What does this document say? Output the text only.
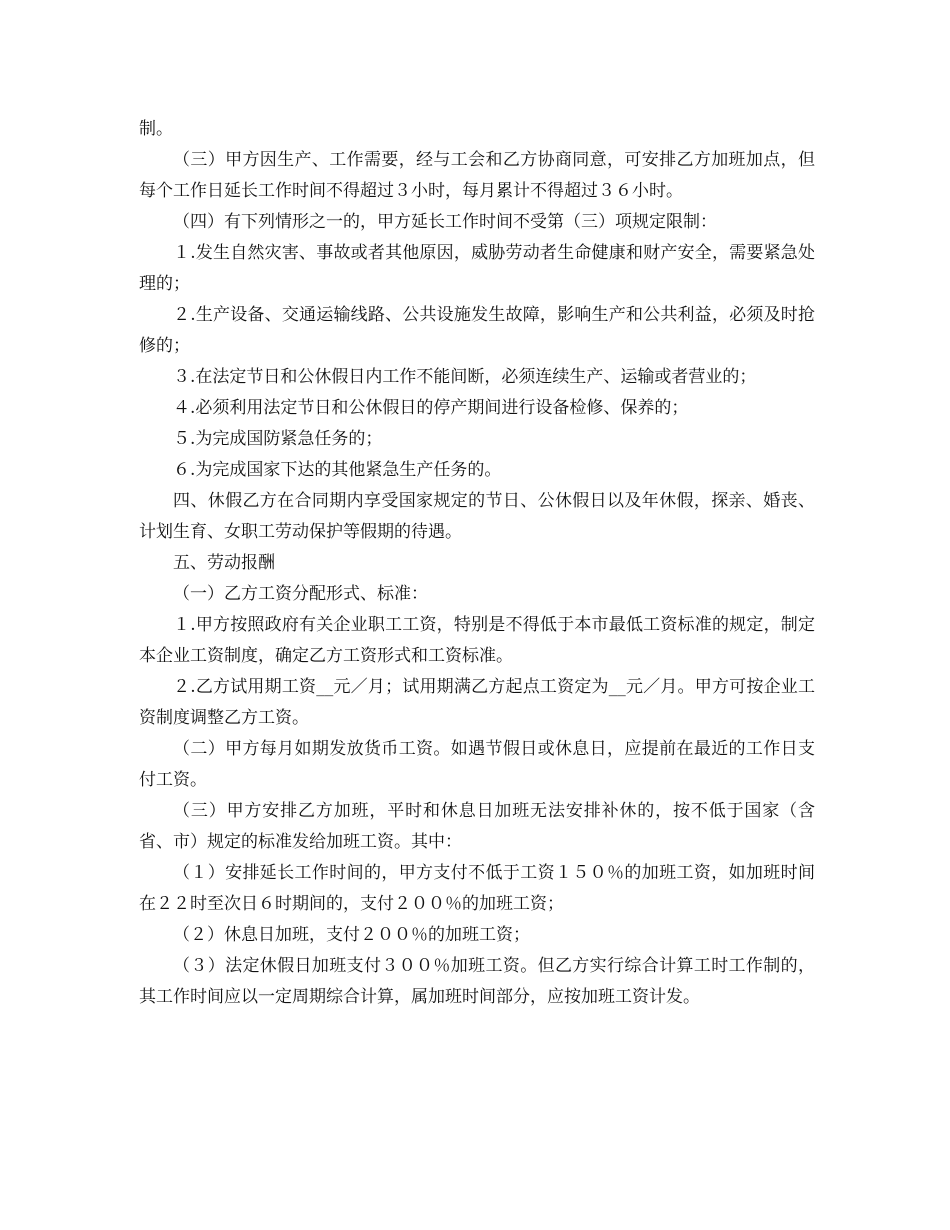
制。

（三）甲方因生产、工作需要，经与工会和乙方协商同意，可安排乙方加班加点，但每个工作日延长工作时间不得超过３小时，每月累计不得超过３６小时。

（四）有下列情形之一的，甲方延长工作时间不受第（三）项规定限制：

１.发生自然灾害、事故或者其他原因，威胁劳动者生命健康和财产安全，需要紧急处理的；

２.生产设备、交通运输线路、公共设施发生故障，影响生产和公共利益，必须及时抢修的；

３.在法定节日和公休假日内工作不能间断，必须连续生产、运输或者营业的；

４.必须利用法定节日和公休假日的停产期间进行设备检修、保养的；

５.为完成国防紧急任务的；

６.为完成国家下达的其他紧急生产任务的。

四、休假乙方在合同期内享受国家规定的节日、公休假日以及年休假，探亲、婚丧、计划生育、女职工劳动保护等假期的待遇。

五、劳动报酬

（一）乙方工资分配形式、标准：

１.甲方按照政府有关企业职工工资，特别是不得低于本市最低工资标准的规定，制定本企业工资制度，确定乙方工资形式和工资标准。

２.乙方试用期工资__元／月；试用期满乙方起点工资定为__元／月。甲方可按企业工资制度调整乙方工资。

（二）甲方每月如期发放货币工资。如遇节假日或休息日，应提前在最近的工作日支付工资。

（三）甲方安排乙方加班，平时和休息日加班无法安排补休的，按不低于国家（含省、市）规定的标准发给加班工资。其中：

（１）安排延长工作时间的，甲方支付不低于工资１５０％的加班工资，如加班时间在２２时至次日６时期间的，支付２００％的加班工资；

（２）休息日加班，支付２００％的加班工资；

（３）法定休假日加班支付３００％加班工资。但乙方实行综合计算工时工作制的，其工作时间应以一定周期综合计算，属加班时间部分，应按加班工资计发。
